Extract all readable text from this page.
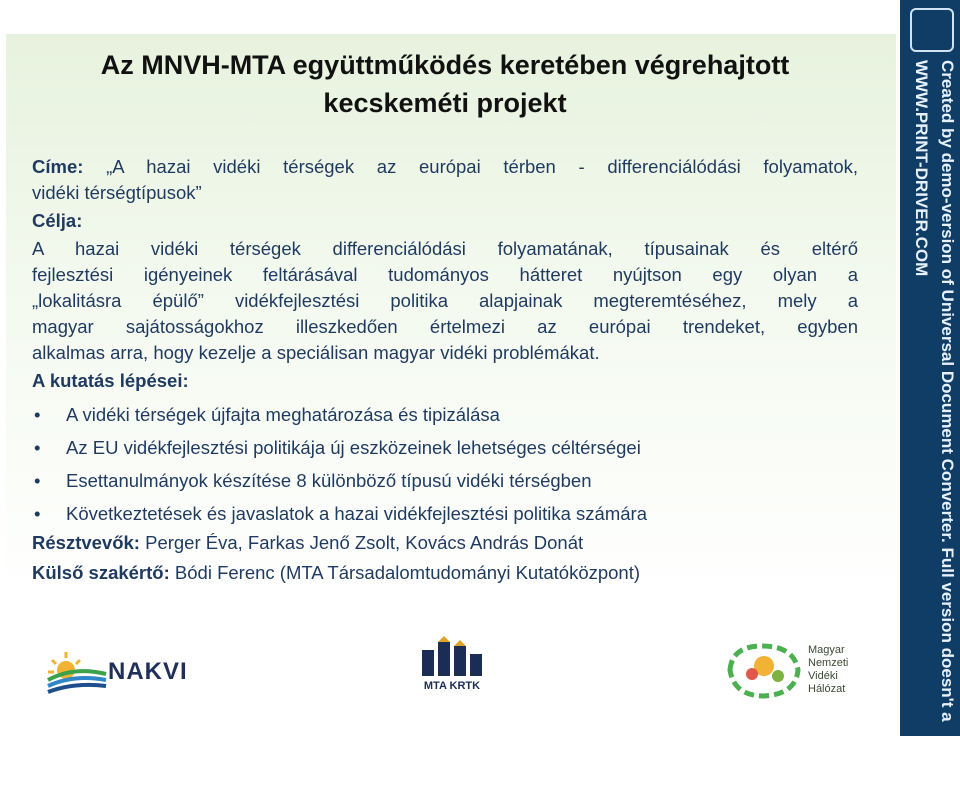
Az MNVH-MTA együttműködés keretében végrehajtott
kecskeméti projekt
Címe: „A hazai vidéki térségek az európai térben - differenciálódási folyamatok,
vidéki térségtípusok”
Célja:
A hazai vidéki térségek differenciálódási folyamatának, típusainak és eltérő
fejlesztési igényeinek feltárásával tudományos hátteret nyújtson egy olyan a
„lokalitásra épülő” vidékfejlesztési politika alapjainak megteremtéséhez, mely a
magyar sajátosságokhoz illeszkedően értelmezi az európai trendeket, egyben
alkalmas arra, hogy kezelje a speciálisan magyar vidéki problémákat.
A kutatás lépései:
• A vidéki térségek újfajta meghatározása és tipizálása
• Az EU vidékfejlesztési politikája új eszközeinek lehetséges céltérségei
• Esettanulmányok készítése 8 különböző típusú vidéki térségben
• Következtetések és javaslatok a hazai vidékfejlesztési politika számára
Résztvevők: Perger Éva, Farkas Jenő Zsolt, Kovács András Donát
Külső szakértő: Bódi Ferenc (MTA Társadalomtudományi Kutatóközpont)
NAKVI
MTA KRTK
Magyar
Nemzeti
Vidéki
Hálózat	Created by demo-version of Universal Document Converter. Full version doesn't a
WWW.PRINT-DRIVER.COM
